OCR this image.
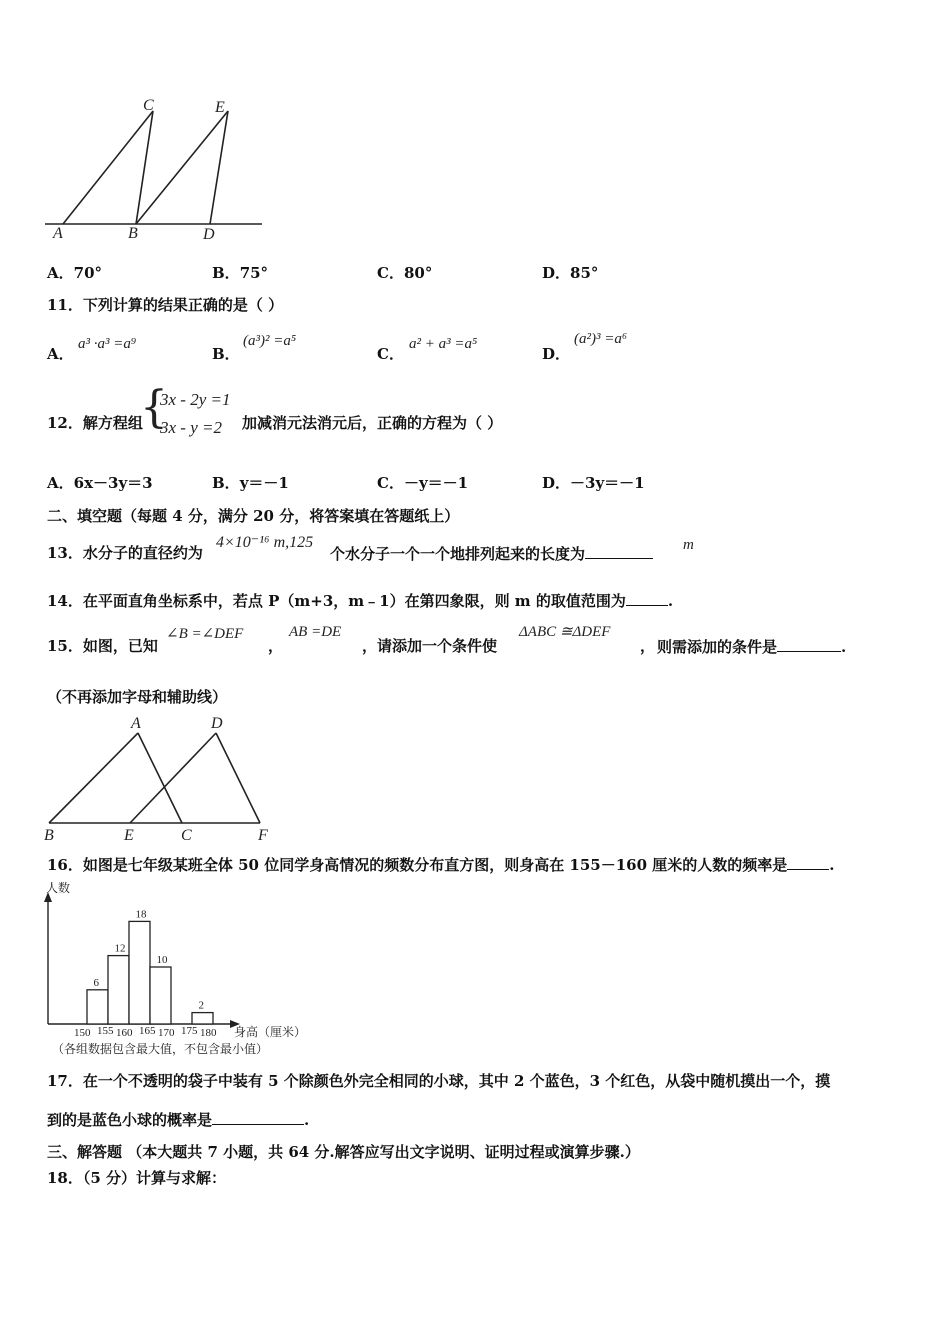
C	E
A	B	D
A．70°	B．75°	C．80°	D．85°
11．下列计算的结果正确的是（ ）
A．
a³ ·a³ =a⁹
B．
(a³)² =a⁵
C．
a² + a³ =a⁵
D．
(a²)³ =a⁶
12．解方程组
{
3x - 2y =1
3x - y =2 加减消元法消元后，正确的方程为（ ）
A．6x－3y＝3	B．y＝－1	C．－y＝－1	D．－3y＝－1
二、填空题（每题 4 分，满分 20 分，将答案填在答题纸上）
13．水分子的直径约为
4×10⁻¹⁶ m,125
个水分子一个一个地排列起来的长度为	m
14．在平面直角坐标系中，若点 P（m+3，m﹣1）在第四象限，则 m 的取值范围为	.
15．如图，已知
∠B =∠DEF
，
AB =DE
，请添加一个条件使
ΔABC ≅ΔDEF
， 则需添加的条件是	.
（不再添加字母和辅助线）
A	D
B	E	C	F
16．如图是七年级某班全体 50 位同学身高情况的频数分布直方图，则身高在 155－160 厘米的人数的频率是	.
人数
身高（厘米）
（各组数据包含最大值，不包含最小值）
6
12
18
10
2
150 155 160 165 170 175 180
17．在一个不透明的袋子中装有 5 个除颜色外完全相同的小球，其中 2 个蓝色，3 个红色，从袋中随机摸出一个，摸
到的是蓝色小球的概率是	.
三、解答题 （本大题共 7 小题，共 64 分.解答应写出文字说明、证明过程或演算步骤.）
18．（5 分）计算与求解：
